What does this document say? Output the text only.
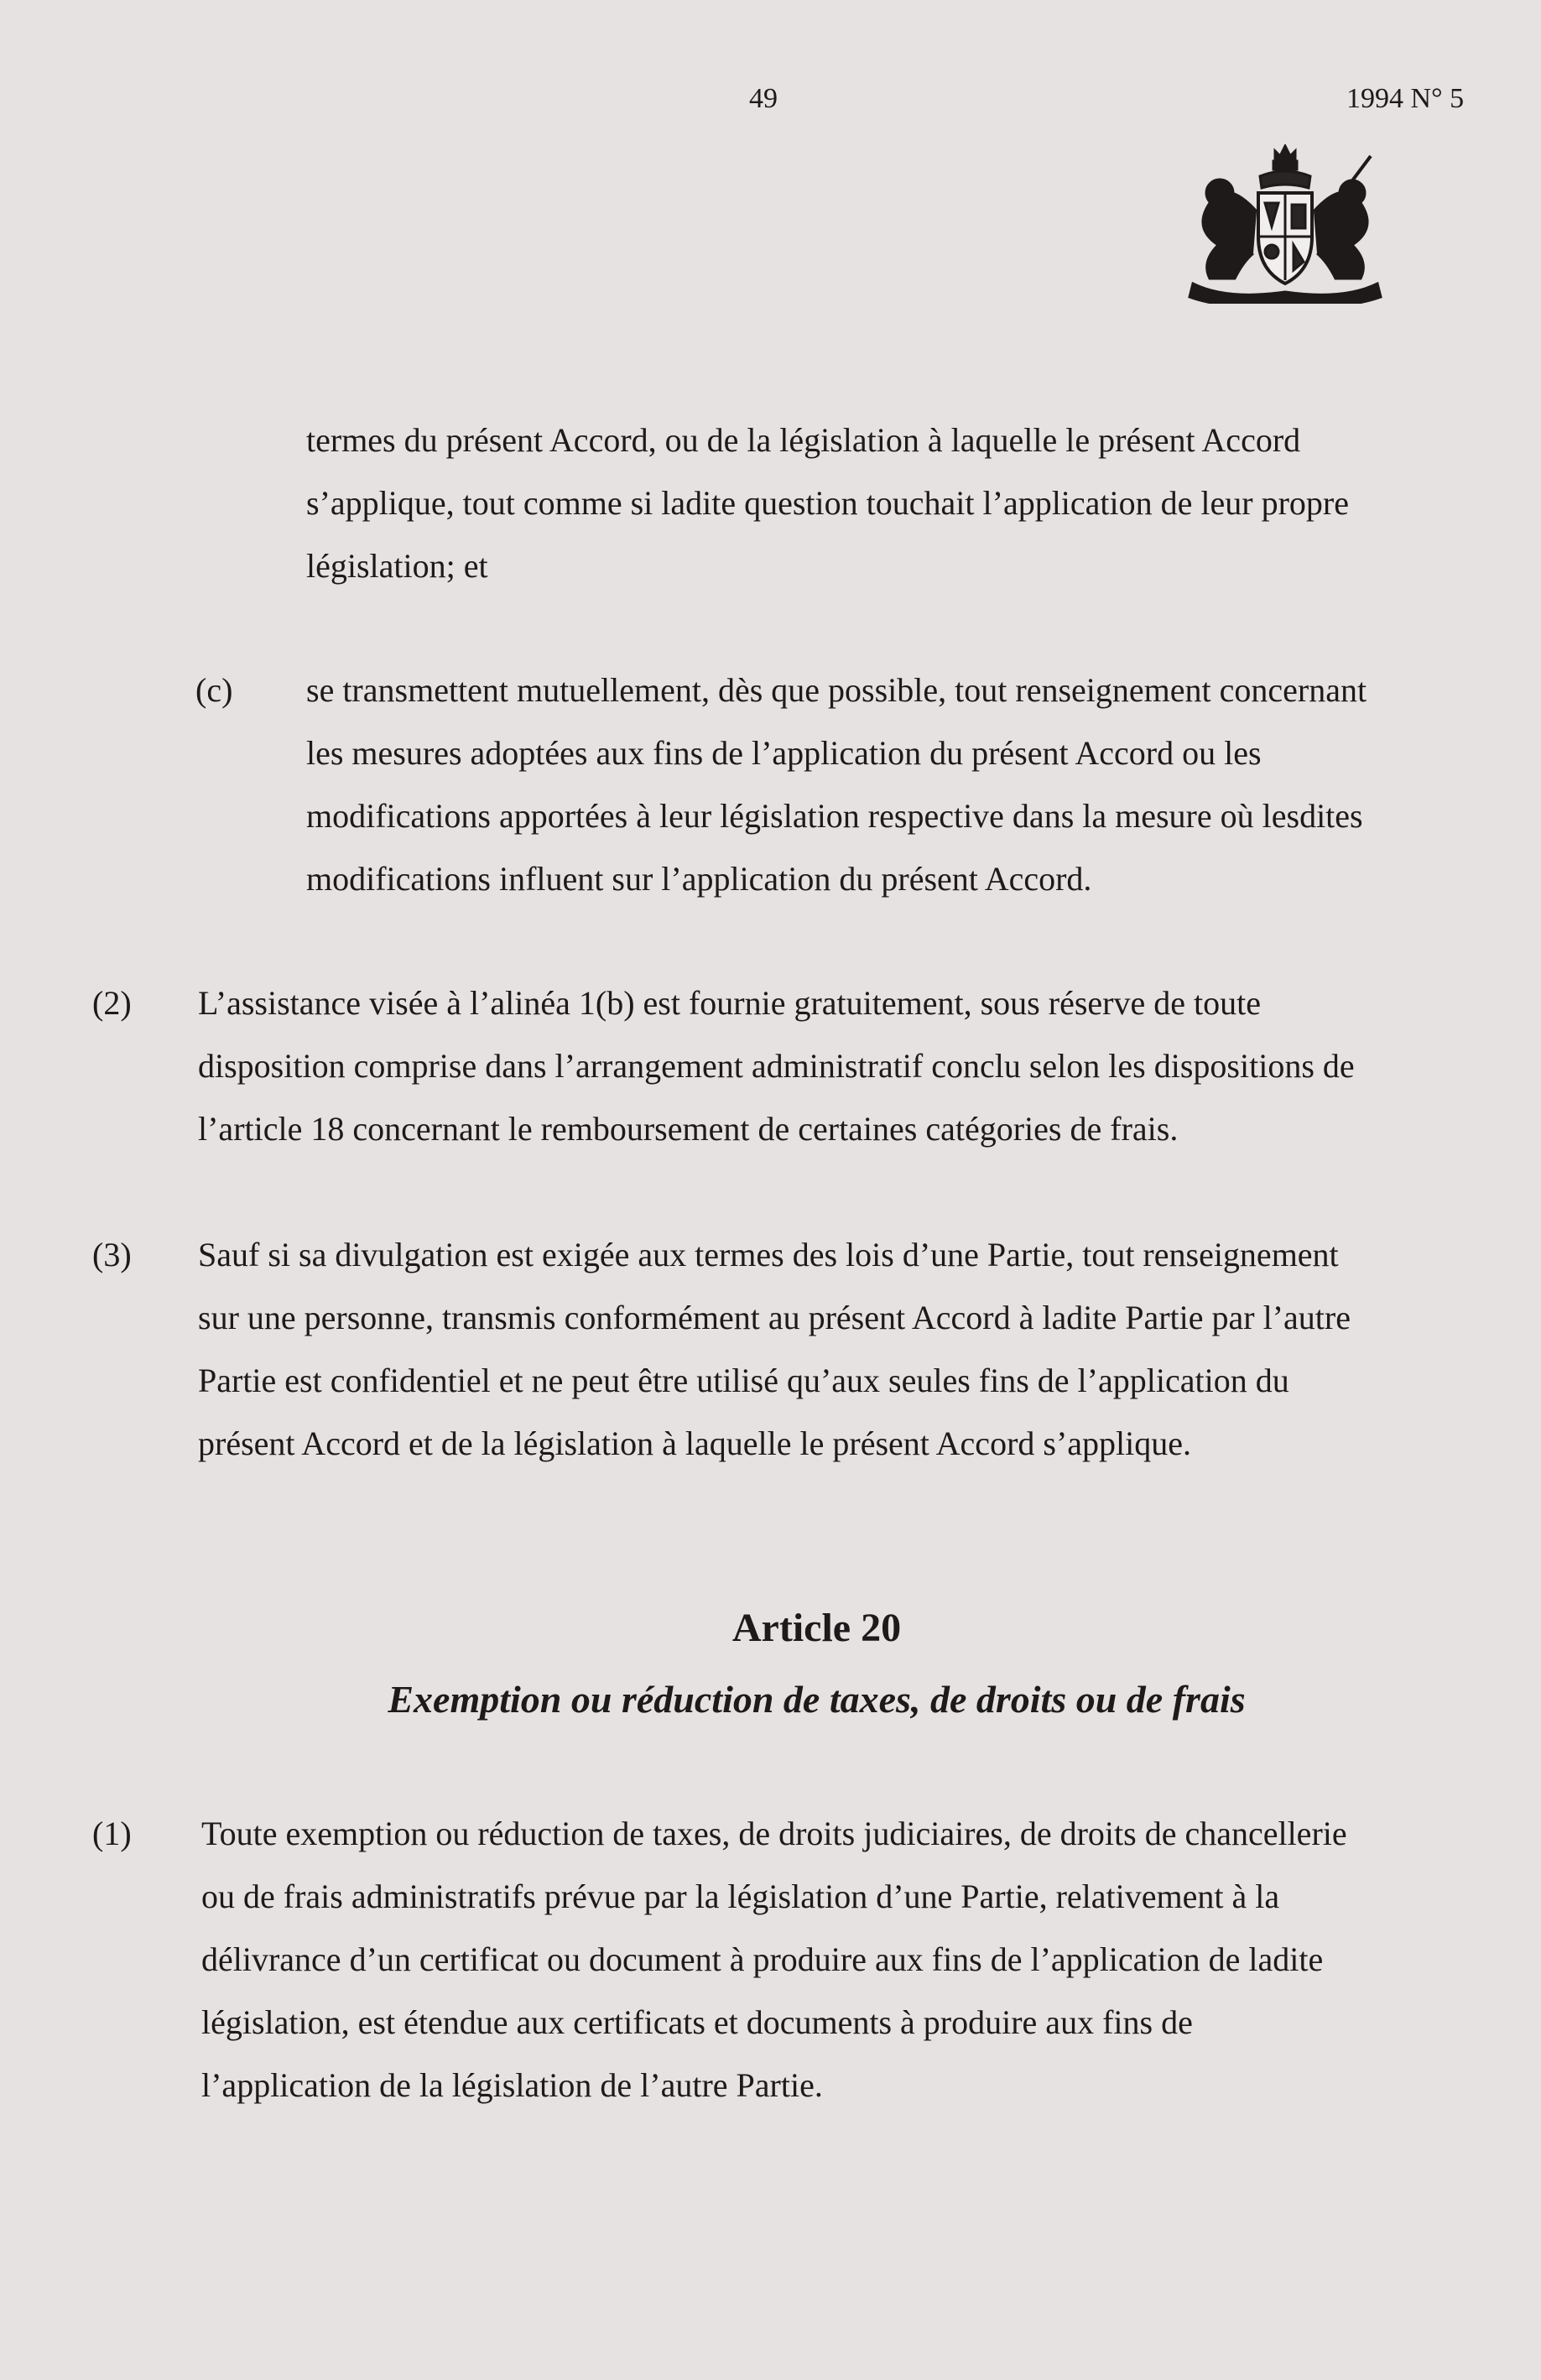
49	1994 N° 5

termes du présent Accord, ou de la législation à laquelle le présent Accord
s’applique, tout comme si ladite question touchait l’application de leur propre
législation; et
(c) se transmettent mutuellement, dès que possible, tout renseignement concernant
les mesures adoptées aux fins de l’application du présent Accord ou les
modifications apportées à leur législation respective dans la mesure où lesdites
modifications influent sur l’application du présent Accord.
(2) L’assistance visée à l’alinéa 1(b) est fournie gratuitement, sous réserve de toute
disposition comprise dans l’arrangement administratif conclu selon les dispositions de
l’article 18 concernant le remboursement de certaines catégories de frais.
(3) Sauf si sa divulgation est exigée aux termes des lois d’une Partie, tout renseignement
sur une personne, transmis conformément au présent Accord à ladite Partie par l’autre
Partie est confidentiel et ne peut être utilisé qu’aux seules fins de l’application du
présent Accord et de la législation à laquelle le présent Accord s’applique.
Article 20
Exemption ou réduction de taxes, de droits ou de frais
(1) Toute exemption ou réduction de taxes, de droits judiciaires, de droits de chancellerie
ou de frais administratifs prévue par la législation d’une Partie, relativement à la
délivrance d’un certificat ou document à produire aux fins de l’application de ladite
législation, est étendue aux certificats et documents à produire aux fins de
l’application de la législation de l’autre Partie.
